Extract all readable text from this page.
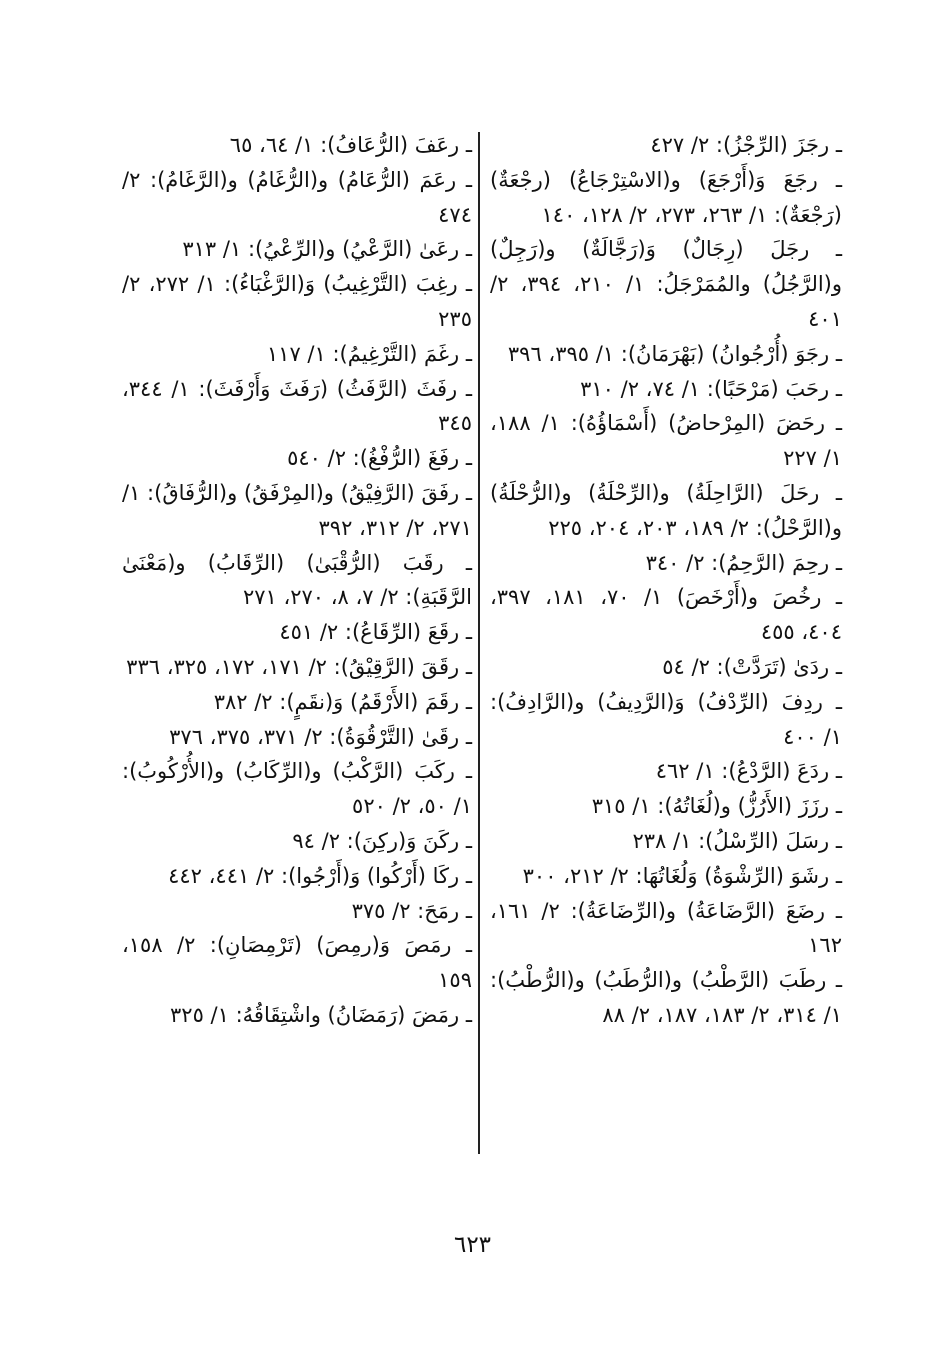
ـ رجَزَ (الرِّجْزُ): ٢/ ٤٢٧

ـ رجَعَ وَ(أَرْجَعَ) و(الاسْتِرْجَاعُ) (رجْعَةٌ) (رَجْعَةٌ): ١/ ٢٦٣، ٢٧٣، ٢/ ١٢٨، ١٤٠

ـ رجَلَ (رِجَالٌ) وَ(رَجَّالَةٌ) و(رَجِلٌ) و(الرَّجُلُ) والمُمَرْجَلُ: ١/ ٢١٠، ٣٩٤، ٢/ ٤٠١

ـ رجَوَ (أُرْجُوانُ) (بَهْرَمَانُ): ١/ ٣٩٥، ٣٩٦

ـ رحَبَ (مَرْحَبًا): ١/ ٧٤، ٢/ ٣١٠

ـ رحَضَ (المِرْحاضُ) (أَسْمَاؤُهُ): ١/ ١٨٨، ١/ ٢٢٧

ـ رحَلَ (الرَّاحِلَةُ) و(الرِّحْلَةُ) و(الرُّحْلَةُ) و(الرَّحْلُ): ٢/ ١٨٩، ٢٠٣، ٢٠٤، ٢٢٥

ـ رحِمَ (الرَّحِمُ): ٢/ ٣٤٠

ـ رخُصَ و(أَرْخَصَ) ١/ ٧٠، ١٨١، ٣٩٧، ٤٠٤، ٤٥٥

ـ ردَىٰ (تَرَدَّتْ): ٢/ ٥٤

ـ ردِفَ (الرِّدْفُ) وَ(الرَّدِيفُ) و(الرَّادِفُ): ١/ ٤٠٠

ـ ردَعَ (الرَّدْعُ): ١/ ٤٦٢

ـ رزَزَ (الأَرُزُّ) و(لُغَاتُهُ): ١/ ٣١٥

ـ رسَلَ (الرِّسْلُ): ١/ ٢٣٨

ـ رشَوَ (الرِّشْوَةُ) وَلُغَاتُهَا: ٢/ ٢١٢، ٣٠٠

ـ رضَعَ (الرَّضَاعَةُ) و(الرِّضَاعَةُ): ٢/ ١٦١، ١٦٢

ـ رطَبَ (الرَّطْبُ) و(الرُّطَبُ) و(الرُّطْبُ): ١/ ٣١٤، ٢/ ١٨٣، ١٨٧، ٢/ ٨٨

ـ رعَفَ (الرُّعَافُ): ١/ ٦٤، ٦٥

ـ رعَمَ (الرُّعَامُ) و(الرُّغَامُ) و(الرَّغَامُ): ٢/ ٤٧٤

ـ رعَىٰ (الرَّعْيُ) و(الرِّعْيُ): ١/ ٣١٣

ـ رغِبَ (التَّرْغِيبُ) وَ(الرَّغْبَاءُ): ١/ ٢٧٢، ٢/ ٢٣٥

ـ رغَمَ (التَّرْغِيمُ): ١/ ١١٧

ـ رفَثَ (الرَّفَثُ) (رَفَثَ وَأَرْفَثَ): ١/ ٣٤٤، ٣٤٥

ـ رفَغَ (الرُّفْغُ): ٢/ ٥٤٠

ـ رفَقَ (الرَّفِيْقُ) و(المِرْفَقُ) و(الرُّفَاقُ): ١/ ٢٧١، ٢/ ٣١٢، ٣٩٢

ـ رقَبَ (الرُّقْبَىٰ) (الرِّقَابُ) و(مَعْنَىٰ الرَّقَبَةِ): ٢/ ٧، ٨، ٢٧٠، ٢٧١

ـ رقَعَ (الرِّقَاعُ): ٢/ ٤٥١

ـ رقَقَ (الرَّقِيْقُ): ٢/ ١٧١، ١٧٢، ٣٢٥، ٣٣٦

ـ رقَمَ (الأَرْقَمُ) وَ(نقَمٍ): ٢/ ٣٨٢

ـ رقَىٰ (التَّرْقُوَةُ): ٢/ ٣٧١، ٣٧٥، ٣٧٦

ـ ركَبَ (الرَّكْبُ) و(الرِّكَابُ) و(الأُرْكُوبُ): ١/ ٥٠، ٢/ ٥٢٠

ـ ركَنَ وَ(ركِنَ): ٢/ ٩٤

ـ ركَا (أَرْكُوا) وَ(أَرْجُوا): ٢/ ٤٤١، ٤٤٢

ـ رمَحَ: ٢/ ٣٧٥

ـ رمَصَ وَ(رمِصَ) (تَرْمِصَانِ): ٢/ ١٥٨، ١٥٩

ـ رمَضَ (رَمَضَانُ) واشْتِقَاقُهُ: ١/ ٣٢٥

٦٢٣
